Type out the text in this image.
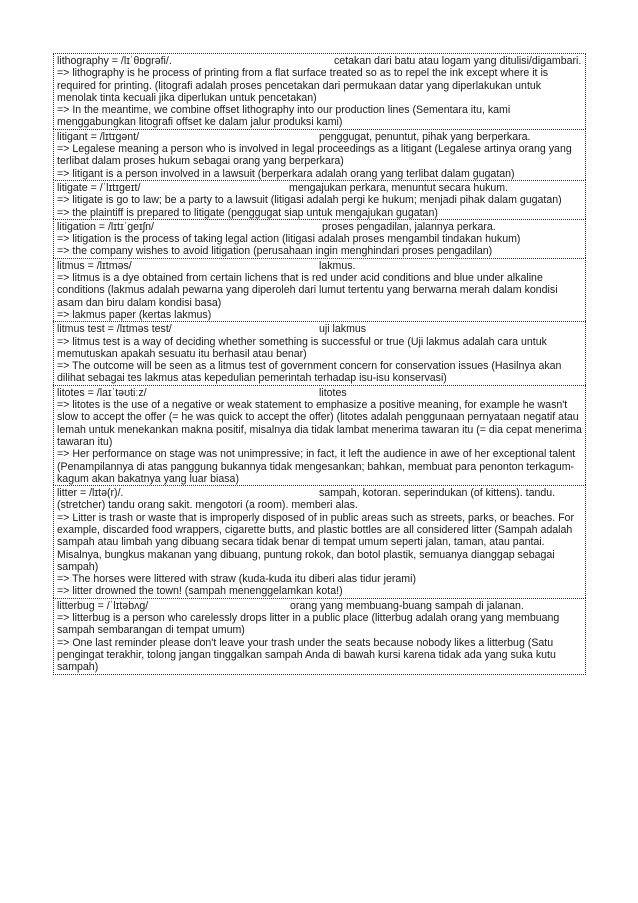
lithography = /lɪˈθɒgrəfi/.	cetakan dari batu atau logam yang ditulisi/digambari.
=> lithography is he process of printing from a flat surface treated so as to repel the ink except where it is required for printing. (litografi adalah proses pencetakan dari permukaan datar yang diperlakukan untuk menolak tinta kecuali jika diperlukan untuk pencetakan)
=> In the meantime, we combine offset lithography into our production lines (Sementara itu, kami menggabungkan litografi offset ke dalam jalur produksi kami)
litigant = /lɪtɪgənt/	penggugat, penuntut, pihak yang berperkara.
=> Legalese meaning a person who is involved in legal proceedings as a litigant (Legalese artinya orang yang terlibat dalam proses hukum sebagai orang yang berperkara)
=> litigant is a person involved in a lawsuit (berperkara adalah orang yang terlibat dalam gugatan)
litigate = /ˈlɪtɪgeɪt/	mengajukan perkara, menuntut secara hukum.
=> litigate is go to law; be a party to a lawsuit (litigasi adalah pergi ke hukum; menjadi pihak dalam gugatan)
=> the plaintiff is prepared to litigate (penggugat siap untuk mengajukan gugatan)
litigation = /lɪtɪˈgeɪʃn/	proses pengadilan, jalannya perkara.
=> litigation is the process of taking legal action (litigasi adalah proses mengambil tindakan hukum)
=> the company wishes to avoid litigation (perusahaan ingin menghindari proses pengadilan)
litmus = /lɪtməs/	lakmus.
=> litmus is a dye obtained from certain lichens that is red under acid conditions and blue under alkaline conditions (lakmus adalah pewarna yang diperoleh dari lumut tertentu yang berwarna merah dalam kondisi asam dan biru dalam kondisi basa)
=> lakmus paper (kertas lakmus)
litmus test = /lɪtməs test/	uji lakmus
=> litmus test is a way of deciding whether something is successful or true (Uji lakmus adalah cara untuk memutuskan apakah sesuatu itu berhasil atau benar)
=> The outcome will be seen as a litmus test of government concern for conservation issues (Hasilnya akan dilihat sebagai tes lakmus atas kepedulian pemerintah terhadap isu-isu konservasi)
litotes = /laɪˈtəʊtiːz/	litotes
=> litotes is the use of a negative or weak statement to emphasize a positive meaning, for example he wasn't slow to accept the offer (= he was quick to accept the offer) (litotes adalah penggunaan pernyataan negatif atau lemah untuk menekankan makna positif, misalnya dia tidak lambat menerima tawaran itu (= dia cepat menerima tawaran itu)
=> Her performance on stage was not unimpressive; in fact, it left the audience in awe of her exceptional talent (Penampilannya di atas panggung bukannya tidak mengesankan; bahkan, membuat para penonton terkagum-kagum akan bakatnya yang luar biasa)
litter = /lɪtə(r)/.	sampah, kotoran. seperindukan (of kittens). tandu.
(stretcher) tandu orang sakit. mengotori (a room). memberi alas.
=> Litter is trash or waste that is improperly disposed of in public areas such as streets, parks, or beaches. For example, discarded food wrappers, cigarette butts, and plastic bottles are all considered litter (Sampah adalah sampah atau limbah yang dibuang secara tidak benar di tempat umum seperti jalan, taman, atau pantai. Misalnya, bungkus makanan yang dibuang, puntung rokok, dan botol plastik, semuanya dianggap sebagai sampah)
=> The horses were littered with straw (kuda-kuda itu diberi alas tidur jerami)
=> litter drowned the town! (sampah menenggelamkan kota!)
litterbug = /ˈlɪtəbʌg/	orang yang membuang-buang sampah di jalanan.
=> litterbug is a person who carelessly drops litter in a public place (litterbug adalah orang yang membuang sampah sembarangan di tempat umum)
=> One last reminder please don't leave your trash under the seats because nobody likes a litterbug (Satu pengingat terakhir, tolong jangan tinggalkan sampah Anda di bawah kursi karena tidak ada yang suka kutu sampah)
